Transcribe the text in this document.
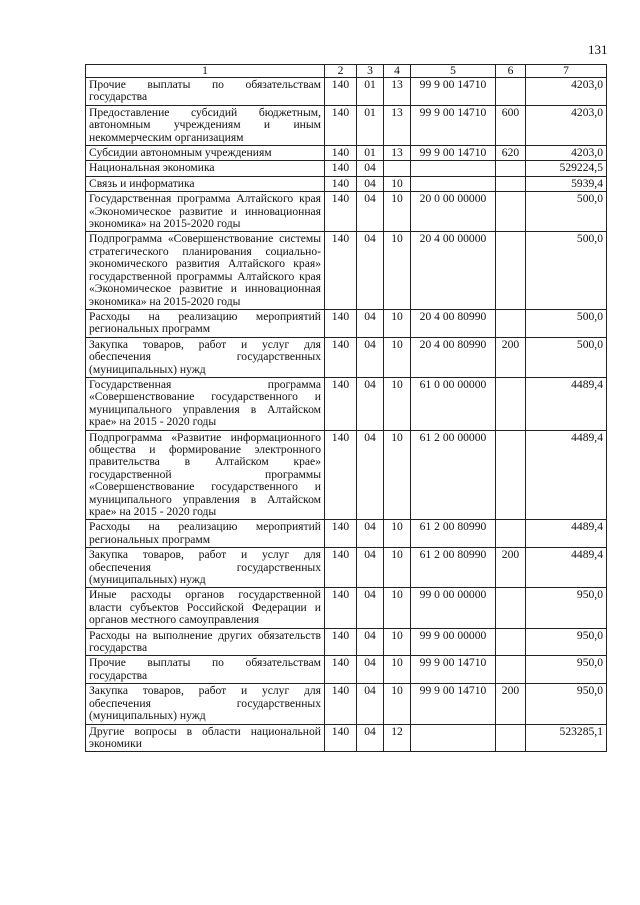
131
1	2	3	4	5	6	7
Прочие выплаты по обязательствам государства	140	01	13	99 9 00 14710		4203,0
Предоставление субсидий бюджетным, автономным учреждениям и иным некоммерческим организациям	140	01	13	99 9 00 14710	600	4203,0
Субсидии автономным учреждениям	140	01	13	99 9 00 14710	620	4203,0
Национальная экономика	140	04				529224,5
Связь и информатика	140	04	10			5939,4
Государственная программа Алтайского края «Экономическое развитие и инновационная экономика» на 2015-2020 годы	140	04	10	20 0 00 00000		500,0
Подпрограмма «Совершенствование системы стратегического планирования социально-экономического развития Алтайского края» государственной программы Алтайского края «Экономическое развитие и инновационная экономика» на 2015-2020 годы	140	04	10	20 4 00 00000		500,0
Расходы на реализацию мероприятий региональных программ	140	04	10	20 4 00 80990		500,0
Закупка товаров, работ и услуг для обеспечения государственных (муниципальных) нужд	140	04	10	20 4 00 80990	200	500,0
Государственная программа «Совершенствование государственного и муниципального управления в Алтайском крае» на 2015 - 2020 годы	140	04	10	61 0 00 00000		4489,4
Подпрограмма «Развитие информационного общества и формирование электронного правительства в Алтайском крае» государственной программы «Совершенствование государственного и муниципального управления в Алтайском крае» на 2015 - 2020 годы	140	04	10	61 2 00 00000		4489,4
Расходы на реализацию мероприятий региональных программ	140	04	10	61 2 00 80990		4489,4
Закупка товаров, работ и услуг для обеспечения государственных (муниципальных) нужд	140	04	10	61 2 00 80990	200	4489,4
Иные расходы органов государственной власти субъектов Российской Федерации и органов местного самоуправления	140	04	10	99 0 00 00000		950,0
Расходы на выполнение других обязательств государства	140	04	10	99 9 00 00000		950,0
Прочие выплаты по обязательствам государства	140	04	10	99 9 00 14710		950,0
Закупка товаров, работ и услуг для обеспечения государственных (муниципальных) нужд	140	04	10	99 9 00 14710	200	950,0
Другие вопросы в области национальной экономики	140	04	12			523285,1
